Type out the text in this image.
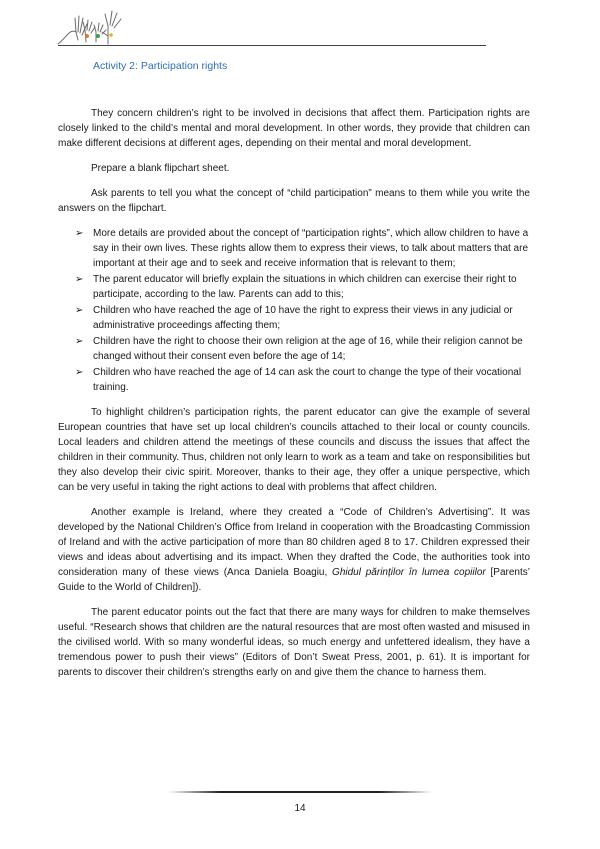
Activity 2: Participation rights

They concern children’s right to be involved in decisions that affect them. Participation rights are closely linked to the child’s mental and moral development. In other words, they provide that children can make different decisions at different ages, depending on their mental and moral development.

Prepare a blank flipchart sheet.

Ask parents to tell you what the concept of “child participation” means to them while you write the answers on the flipchart.

➢ More details are provided about the concept of “participation rights”, which allow children to have a say in their own lives. These rights allow them to express their views, to talk about matters that are important at their age and to seek and receive information that is relevant to them;
➢ The parent educator will briefly explain the situations in which children can exercise their right to participate, according to the law. Parents can add to this;
➢ Children who have reached the age of 10 have the right to express their views in any judicial or administrative proceedings affecting them;
➢ Children have the right to choose their own religion at the age of 16, while their religion cannot be changed without their consent even before the age of 14;
➢ Children who have reached the age of 14 can ask the court to change the type of their vocational training.

To highlight children’s participation rights, the parent educator can give the example of several European countries that have set up local children’s councils attached to their local or county councils. Local leaders and children attend the meetings of these councils and discuss the issues that affect the children in their community. Thus, children not only learn to work as a team and take on responsibilities but they also develop their civic spirit. Moreover, thanks to their age, they offer a unique perspective, which can be very useful in taking the right actions to deal with problems that affect children.

Another example is Ireland, where they created a “Code of Children’s Advertising”. It was developed by the National Children’s Office from Ireland in cooperation with the Broadcasting Commission of Ireland and with the active participation of more than 80 children aged 8 to 17. Children expressed their views and ideas about advertising and its impact. When they drafted the Code, the authorities took into consideration many of these views (Anca Daniela Boagiu, Ghidul părinților în lumea copiilor [Parents’ Guide to the World of Children]).

The parent educator points out the fact that there are many ways for children to make themselves useful. “Research shows that children are the natural resources that are most often wasted and misused in the civilised world. With so many wonderful ideas, so much energy and unfettered idealism, they have a tremendous power to push their views” (Editors of Don’t Sweat Press, 2001, p. 61). It is important for parents to discover their children’s strengths early on and give them the chance to harness them.

14
